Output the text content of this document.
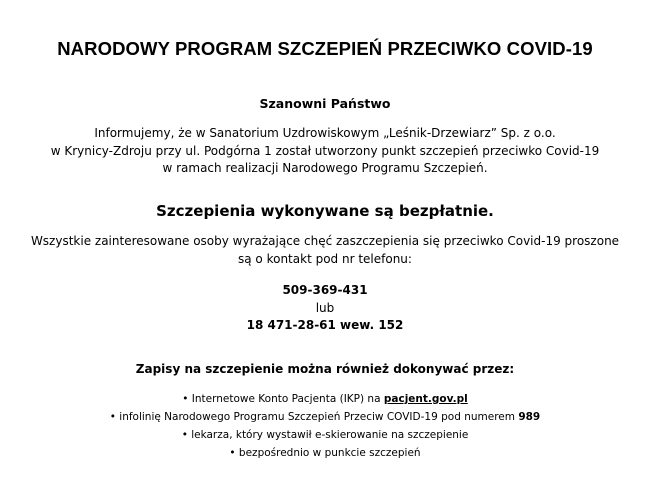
NARODOWY PROGRAM SZCZEPIEŃ PRZECIWKO COVID-19
Szanowni Państwo
Informujemy, że w Sanatorium Uzdrowiskowym „Leśnik-Drzewiarz” Sp. z o.o.
w Krynicy-Zdroju przy ul. Podgórna 1 został utworzony punkt szczepień przeciwko Covid-19
w ramach realizacji Narodowego Programu Szczepień.
Szczepienia wykonywane są bezpłatnie.
Wszystkie zainteresowane osoby wyrażające chęć zaszczepienia się przeciwko Covid-19 proszone
są o kontakt pod nr telefonu:
509-369-431
lub
18 471-28-61 wew. 152
Zapisy na szczepienie można również dokonywać przez:
• Internetowe Konto Pacjenta (IKP) na pacjent.gov.pl
• infolinię Narodowego Programu Szczepień Przeciw COVID-19 pod numerem 989
• lekarza, który wystawił e-skierowanie na szczepienie
• bezpośrednio w punkcie szczepień
